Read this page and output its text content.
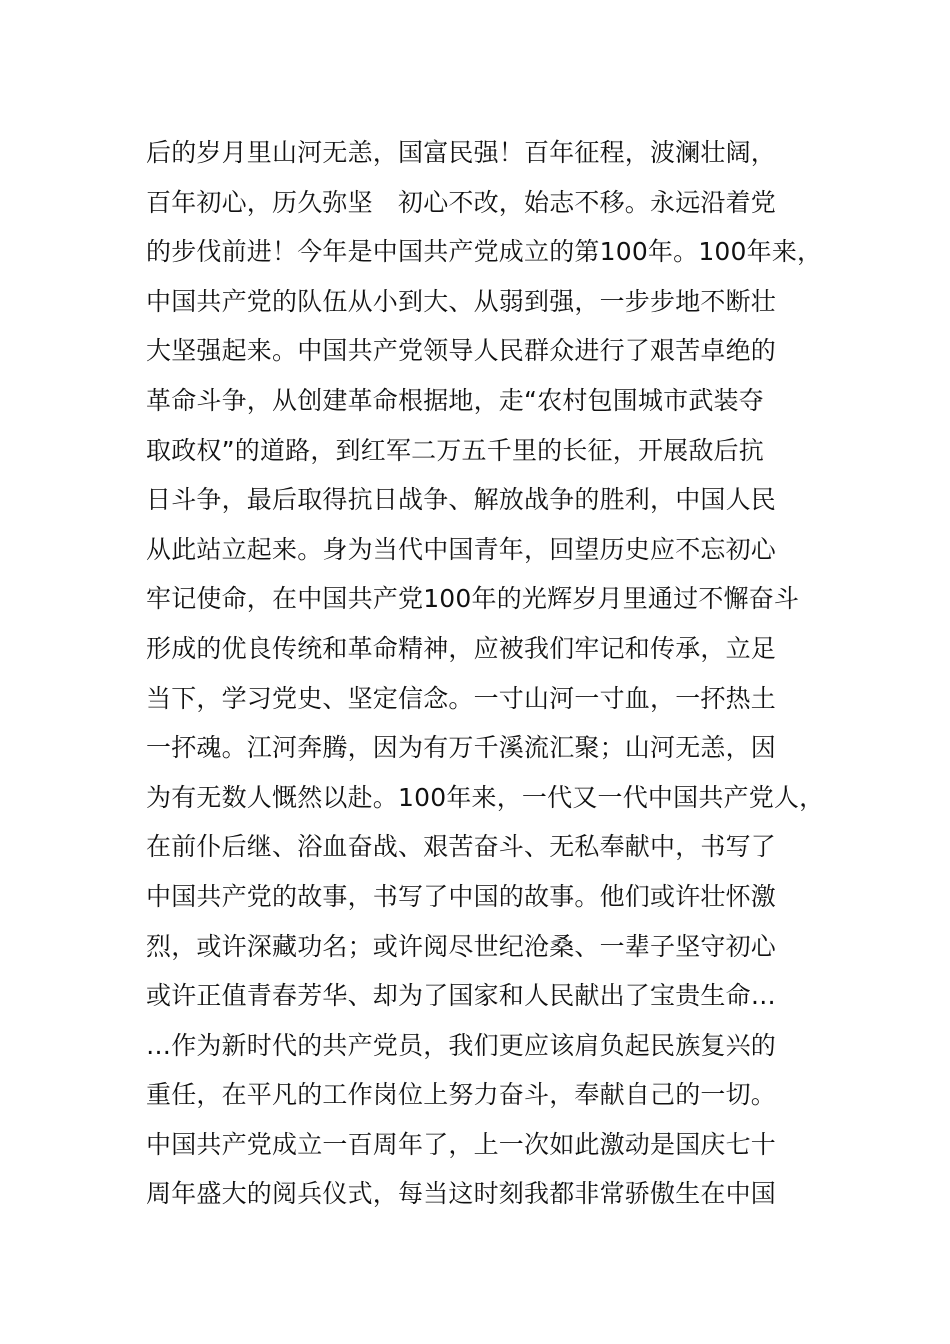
后的岁月里山河无恙，国富民强！百年征程，波澜壮阔，
百年初心，历久弥坚　初心不改，始志不移。永远沿着党
的步伐前进！今年是中国共产党成立的第100年。100年来，
中国共产党的队伍从小到大、从弱到强，一步步地不断壮
大坚强起来。中国共产党领导人民群众进行了艰苦卓绝的
革命斗争，从创建革命根据地，走“农村包围城市武装夺
取政权”的道路，到红军二万五千里的长征，开展敌后抗
日斗争，最后取得抗日战争、解放战争的胜利，中国人民
从此站立起来。身为当代中国青年，回望历史应不忘初心
牢记使命，在中国共产党100年的光辉岁月里通过不懈奋斗
形成的优良传统和革命精神，应被我们牢记和传承，立足
当下，学习党史、坚定信念。一寸山河一寸血，一抔热土
一抔魂。江河奔腾，因为有万千溪流汇聚；山河无恙，因
为有无数人慨然以赴。100年来，一代又一代中国共产党人，
在前仆后继、浴血奋战、艰苦奋斗、无私奉献中，书写了
中国共产党的故事，书写了中国的故事。他们或许壮怀激
烈，或许深藏功名；或许阅尽世纪沧桑、一辈子坚守初心
或许正值青春芳华、却为了国家和人民献出了宝贵生命…
…作为新时代的共产党员，我们更应该肩负起民族复兴的
重任，在平凡的工作岗位上努力奋斗，奉献自己的一切。
中国共产党成立一百周年了，上一次如此激动是国庆七十
周年盛大的阅兵仪式，每当这时刻我都非常骄傲生在中国
